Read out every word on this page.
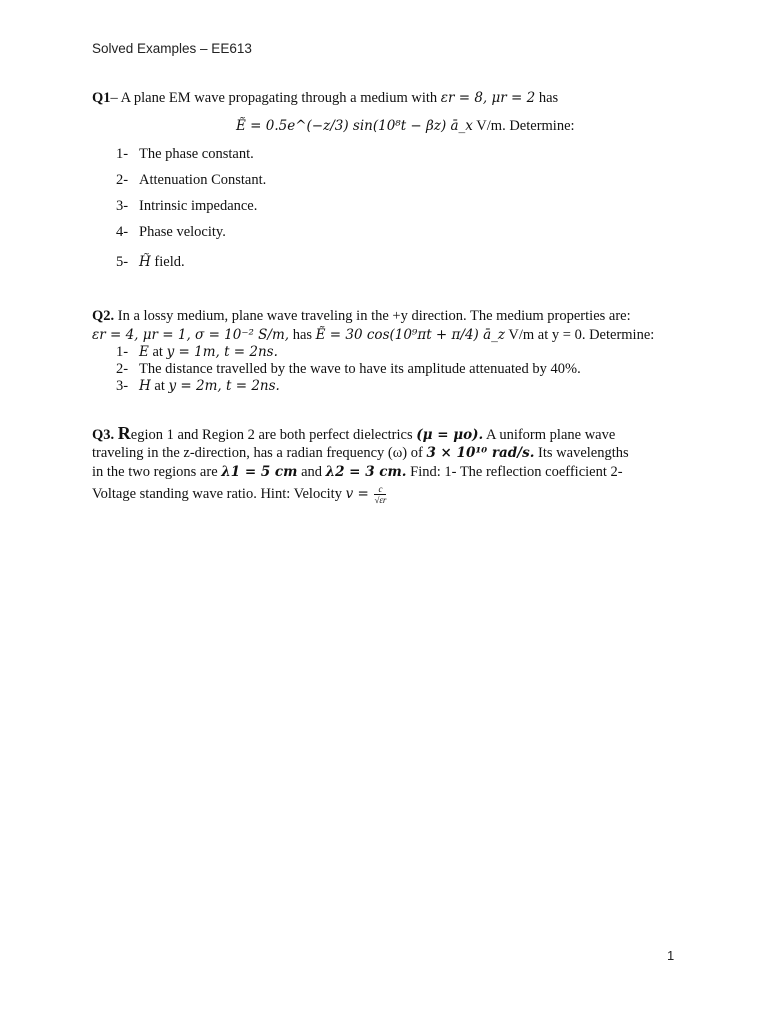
Solved Examples – EE613
Q1– A plane EM wave propagating through a medium with εr = 8, μr = 2 has
Ẽ = 0.5e^(−z/3) sin(10⁸t − βz) ā_x V/m. Determine:
1- The phase constant.
2- Attenuation Constant.
3- Intrinsic impedance.
4- Phase velocity.
5- H̃ field.
Q2. In a lossy medium, plane wave traveling in the +y direction. The medium properties are:
εr = 4, μr = 1, σ = 10⁻² S/m, has Ẽ = 30 cos(10⁹πt + π/4) ā_z V/m at y = 0. Determine:
1- E at y = 1m, t = 2ns.
2- The distance travelled by the wave to have its amplitude attenuated by 40%.
3- H at y = 2m, t = 2ns.
Q3. Region 1 and Region 2 are both perfect dielectrics (μ = μo). A uniform plane wave
traveling in the z-direction, has a radian frequency (ω) of 3 × 10¹⁰ rad/s. Its wavelengths
in the two regions are λ1 = 5 cm and λ2 = 3 cm. Find: 1- The reflection coefficient 2-
Voltage standing wave ratio. Hint: Velocity $v = \frac{c}{√\varepsilon r}$
1
